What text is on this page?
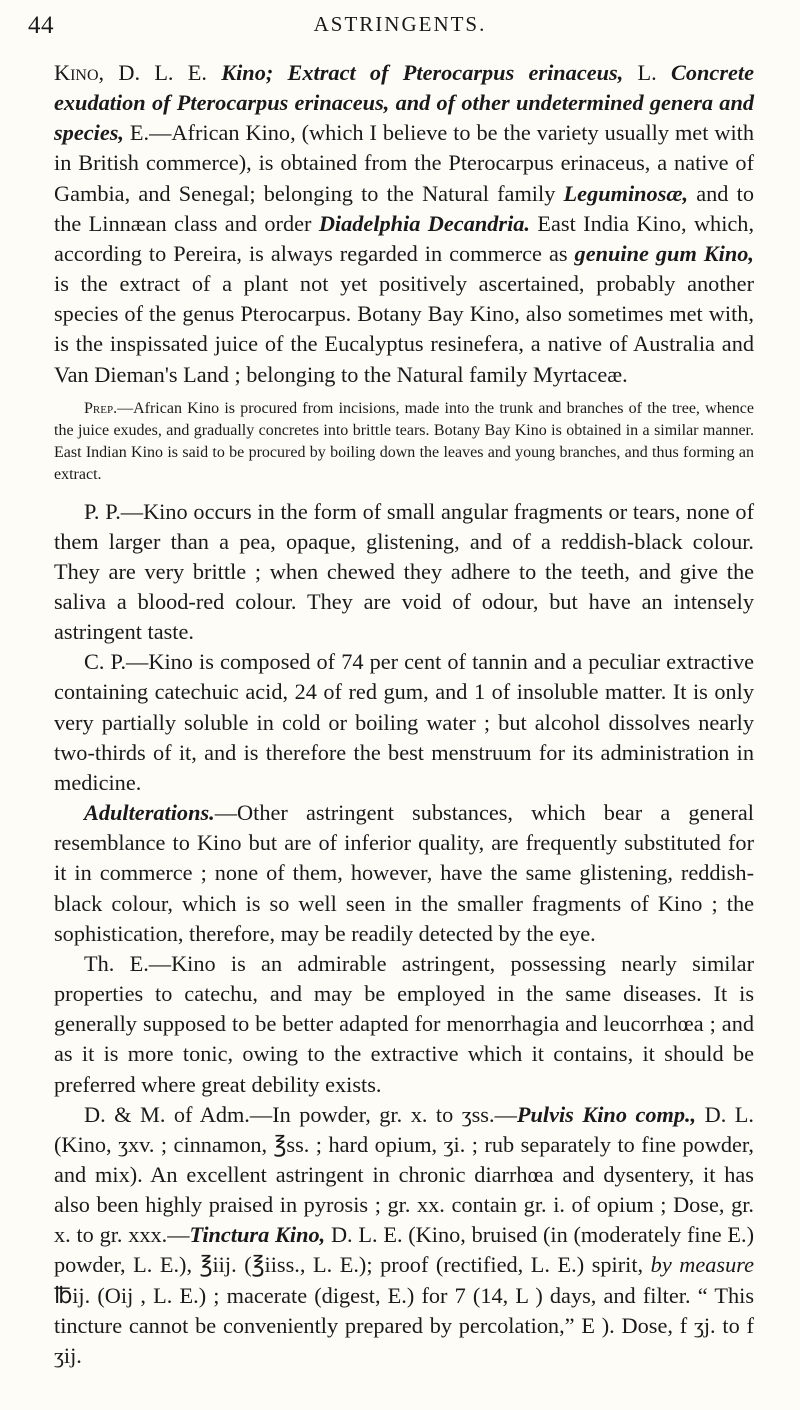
44	ASTRINGENTS.

Kino, D. L. E. Kino; Extract of Pterocarpus erinaceus, L. Concrete exudation of Pterocarpus erinaceus, and of other undetermined genera and species, E.—African Kino, (which I believe to be the variety usually met with in British commerce), is obtained from the Pterocarpus erinaceus, a native of Gambia, and Senegal; belonging to the Natural family Leguminosæ, and to the Linnæan class and order Diadelphia Decandria. East India Kino, which, according to Pereira, is always regarded in commerce as genuine gum Kino, is the extract of a plant not yet positively ascertained, probably another species of the genus Pterocarpus. Botany Bay Kino, also sometimes met with, is the inspissated juice of the Eucalyptus resinefera, a native of Australia and Van Dieman's Land ; belonging to the Natural family Myrtaceæ.

Prep.—African Kino is procured from incisions, made into the trunk and branches of the tree, whence the juice exudes, and gradually concretes into brittle tears. Botany Bay Kino is obtained in a similar manner. East Indian Kino is said to be procured by boiling down the leaves and young branches, and thus forming an extract.

P. P.—Kino occurs in the form of small angular fragments or tears, none of them larger than a pea, opaque, glistening, and of a reddish-black colour. They are very brittle ; when chewed they adhere to the teeth, and give the saliva a blood-red colour. They are void of odour, but have an intensely astringent taste.

C. P.—Kino is composed of 74 per cent of tannin and a peculiar extractive containing catechuic acid, 24 of red gum, and 1 of insoluble matter. It is only very partially soluble in cold or boiling water ; but alcohol dissolves nearly two-thirds of it, and is therefore the best menstruum for its administration in medicine.

Adulterations.—Other astringent substances, which bear a general resemblance to Kino but are of inferior quality, are frequently substituted for it in commerce ; none of them, however, have the same glistening, reddish-black colour, which is so well seen in the smaller fragments of Kino ; the sophistication, therefore, may be readily detected by the eye.

Th. E.—Kino is an admirable astringent, possessing nearly similar properties to catechu, and may be employed in the same diseases. It is generally supposed to be better adapted for menorrhagia and leucorrhœa ; and as it is more tonic, owing to the extractive which it contains, it should be preferred where great debility exists.

D. & M. of Adm.—In powder, gr. x. to ʒss.—Pulvis Kino comp., D. L. (Kino, ʒxv. ; cinnamon, ℥ss. ; hard opium, ʒi. ; rub separately to fine powder, and mix). An excellent astringent in chronic diarrhœa and dysentery, it has also been highly praised in pyrosis ; gr. xx. contain gr. i. of opium ; Dose, gr. x. to gr. xxx.—Tinctura Kino, D. L. E. (Kino, bruised (in (moderately fine E.) powder, L. E.), ℥iij. (℥iiss., L. E.); proof (rectified, L. E.) spirit, by measure ℔ij. (Oij , L. E.) ; macerate (digest, E.) for 7 (14, L ) days, and filter. “ This tincture cannot be conveniently prepared by percolation,” E ). Dose, f ʒj. to f ʒij.
